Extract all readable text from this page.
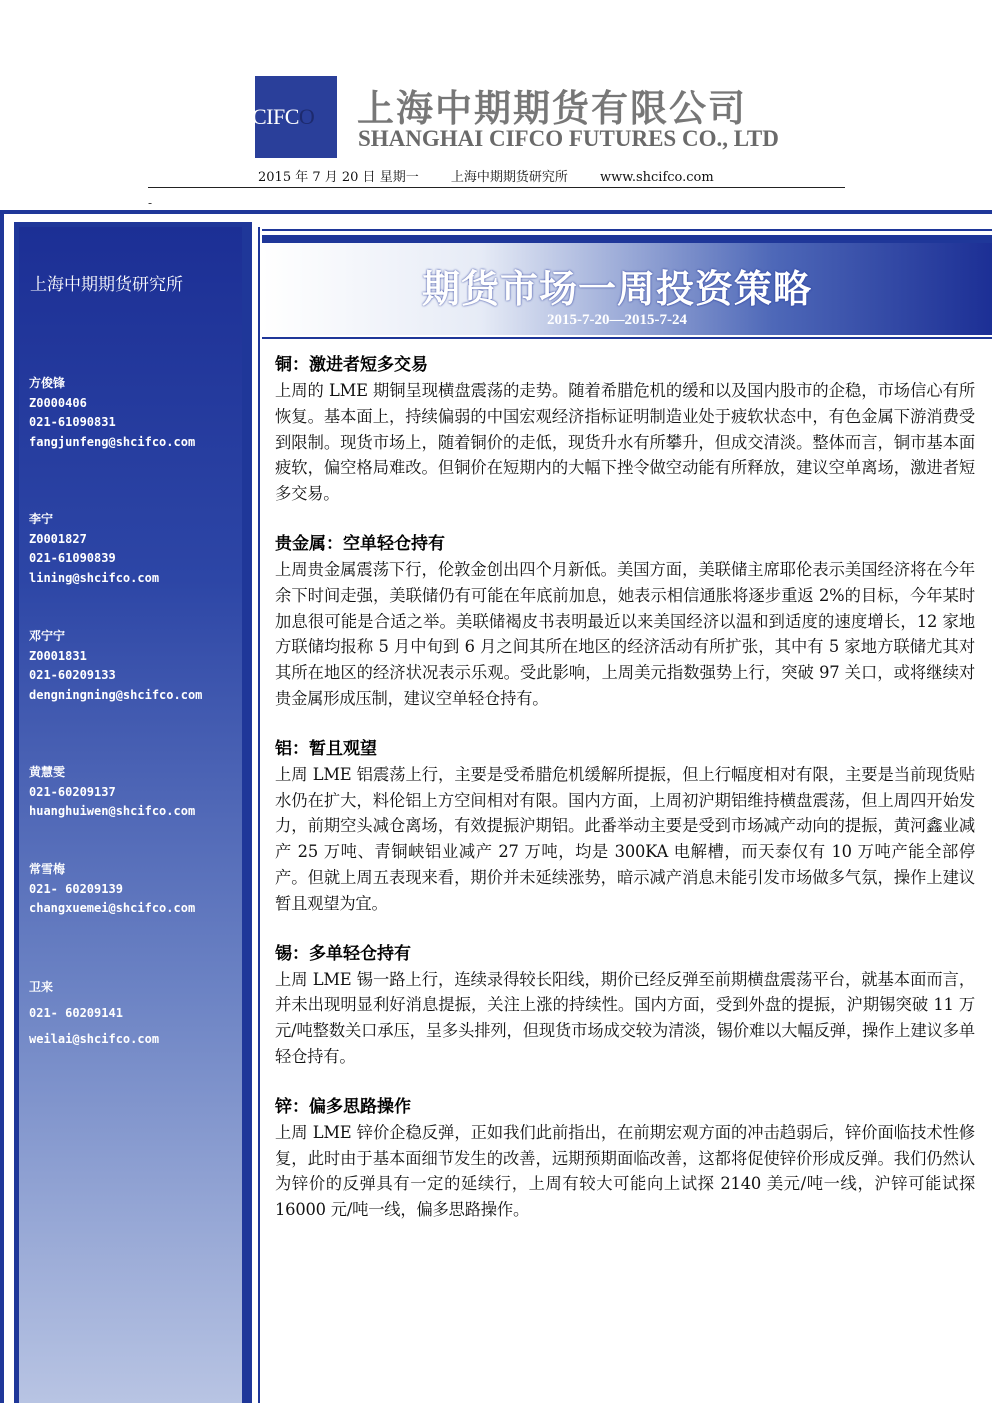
CIFCO	上海中期期货有限公司
SHANGHAI CIFCO FUTURES CO., LTD
2015 年 7 月 20 日 星期一 上海中期期货研究所 www.shcifco.com
-
上海中期期货研究所
方俊锋
Z0000406
021-61090831
fangjunfeng@shcifco.com
李宁
Z0001827
021-61090839
lining@shcifco.com
邓宁宁
Z0001831
021-60209133
dengningning@shcifco.com
黄慧雯
021-60209137
huanghuiwen@shcifco.com
常雪梅
021- 60209139
changxuemei@shcifco.com
卫来
021- 60209141
weilai@shcifco.com
期货市场一周投资策略
2015-7-20—2015-7-24
铜：激进者短多交易
上周的 LME 期铜呈现横盘震荡的走势。随着希腊危机的缓和以及国内股市的企稳，市场信心有所恢复。基本面上，持续偏弱的中国宏观经济指标证明制造业处于疲软状态中，有色金属下游消费受到限制。现货市场上，随着铜价的走低，现货升水有所攀升，但成交清淡。整体而言，铜市基本面疲软，偏空格局难改。但铜价在短期内的大幅下挫令做空动能有所释放，建议空单离场，激进者短多交易。
贵金属：空单轻仓持有
上周贵金属震荡下行，伦敦金创出四个月新低。美国方面，美联储主席耶伦表示美国经济将在今年余下时间走强，美联储仍有可能在年底前加息，她表示相信通胀将逐步重返 2%的目标，今年某时加息很可能是合适之举。美联储褐皮书表明最近以来美国经济以温和到适度的速度增长，12 家地方联储均报称 5 月中旬到 6 月之间其所在地区的经济活动有所扩张，其中有 5 家地方联储尤其对其所在地区的经济状况表示乐观。受此影响，上周美元指数强势上行，突破 97 关口，或将继续对贵金属形成压制，建议空单轻仓持有。
铝：暂且观望
上周 LME 铝震荡上行，主要是受希腊危机缓解所提振，但上行幅度相对有限，主要是当前现货贴水仍在扩大，料伦铝上方空间相对有限。国内方面，上周初沪期铝维持横盘震荡，但上周四开始发力，前期空头减仓离场，有效提振沪期铝。此番举动主要是受到市场减产动向的提振，黄河鑫业减产 25 万吨、青铜峡铝业减产 27 万吨，均是 300KA 电解槽，而天泰仅有 10 万吨产能全部停产。但就上周五表现来看，期价并未延续涨势，暗示减产消息未能引发市场做多气氛，操作上建议暂且观望为宜。
锡：多单轻仓持有
上周 LME 锡一路上行，连续录得较长阳线，期价已经反弹至前期横盘震荡平台，就基本面而言，并未出现明显利好消息提振，关注上涨的持续性。国内方面，受到外盘的提振，沪期锡突破 11 万元/吨整数关口承压，呈多头排列，但现货市场成交较为清淡，锡价难以大幅反弹，操作上建议多单轻仓持有。
锌：偏多思路操作
上周 LME 锌价企稳反弹，正如我们此前指出，在前期宏观方面的冲击趋弱后，锌价面临技术性修复，此时由于基本面细节发生的改善，远期预期面临改善，这都将促使锌价形成反弹。我们仍然认为锌价的反弹具有一定的延续行，上周有较大可能向上试探 2140 美元/吨一线，沪锌可能试探 16000 元/吨一线，偏多思路操作。
